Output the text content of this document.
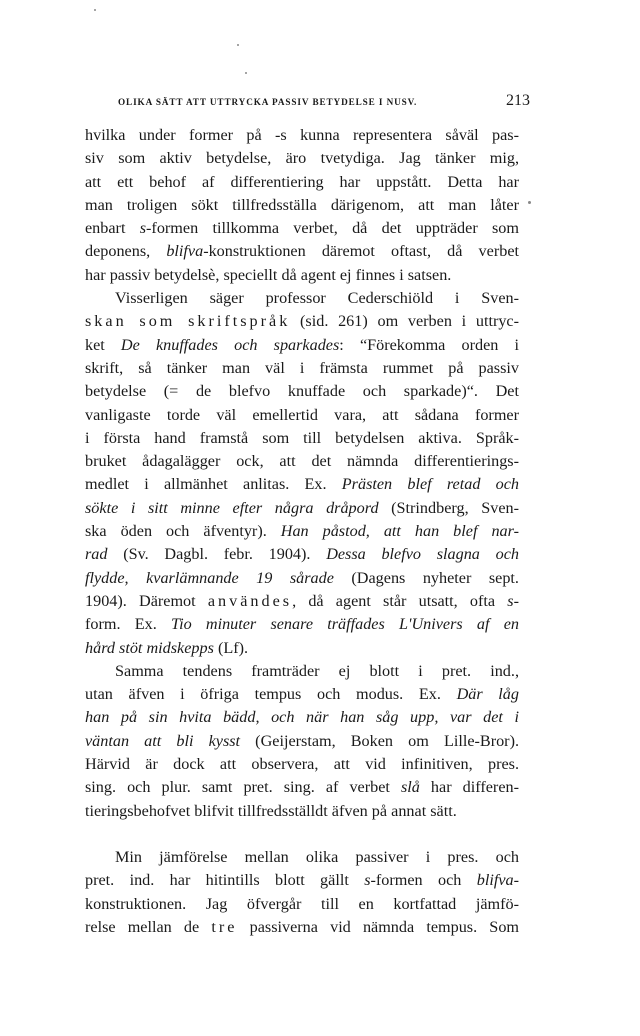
OLIKA SÄTT ATT UTTRYCKA PASSIV BETYDELSE I NUSV.	213
hvilka under former på -s kunna representera såväl pas-
siv som aktiv betydelse, äro tvetydiga. Jag tänker mig,
att ett behof af differentiering har uppstått. Detta har
man troligen sökt tillfredsställa därigenom, att man låter
enbart s-formen tillkomma verbet, då det uppträder som
deponens, blifva-konstruktionen däremot oftast, då verbet
har passiv betydelsè, speciellt då agent ej finnes i satsen.
Visserligen säger professor Cederschiöld i Sven-
skan som skriftspråk (sid. 261) om verben i uttryc-
ket De knuffades och sparkades: “Förekomma orden i
skrift, så tänker man väl i främsta rummet på passiv
betydelse (= de blefvo knuffade och sparkade)“. Det
vanligaste torde väl emellertid vara, att sådana former
i första hand framstå som till betydelsen aktiva. Språk-
bruket ådagalägger ock, att det nämnda differentierings-
medlet i allmänhet anlitas. Ex. Prästen blef retad och
sökte i sitt minne efter några dråpord (Strindberg, Sven-
ska öden och äfventyr). Han påstod, att han blef nar-
rad (Sv. Dagbl. febr. 1904). Dessa blefvo slagna och
flydde, kvarlämnande 19 sårade (Dagens nyheter sept.
1904). Däremot användes, då agent står utsatt, ofta s-
form. Ex. Tio minuter senare träffades L'Univers af en
hård stöt midskepps (Lf).
Samma tendens framträder ej blott i pret. ind.,
utan äfven i öfriga tempus och modus. Ex. Där låg
han på sin hvita bädd, och när han såg upp, var det i
väntan att bli kysst (Geijerstam, Boken om Lille-Bror).
Härvid är dock att observera, att vid infinitiven, pres.
sing. och plur. samt pret. sing. af verbet slå har differen-
tieringsbehofvet blifvit tillfredsställdt äfven på annat sätt.
Min jämförelse mellan olika passiver i pres. och
pret. ind. har hitintills blott gällt s-formen och blifva-
konstruktionen. Jag öfvergår till en kortfattad jämfö-
relse mellan de tre passiverna vid nämnda tempus. Som
